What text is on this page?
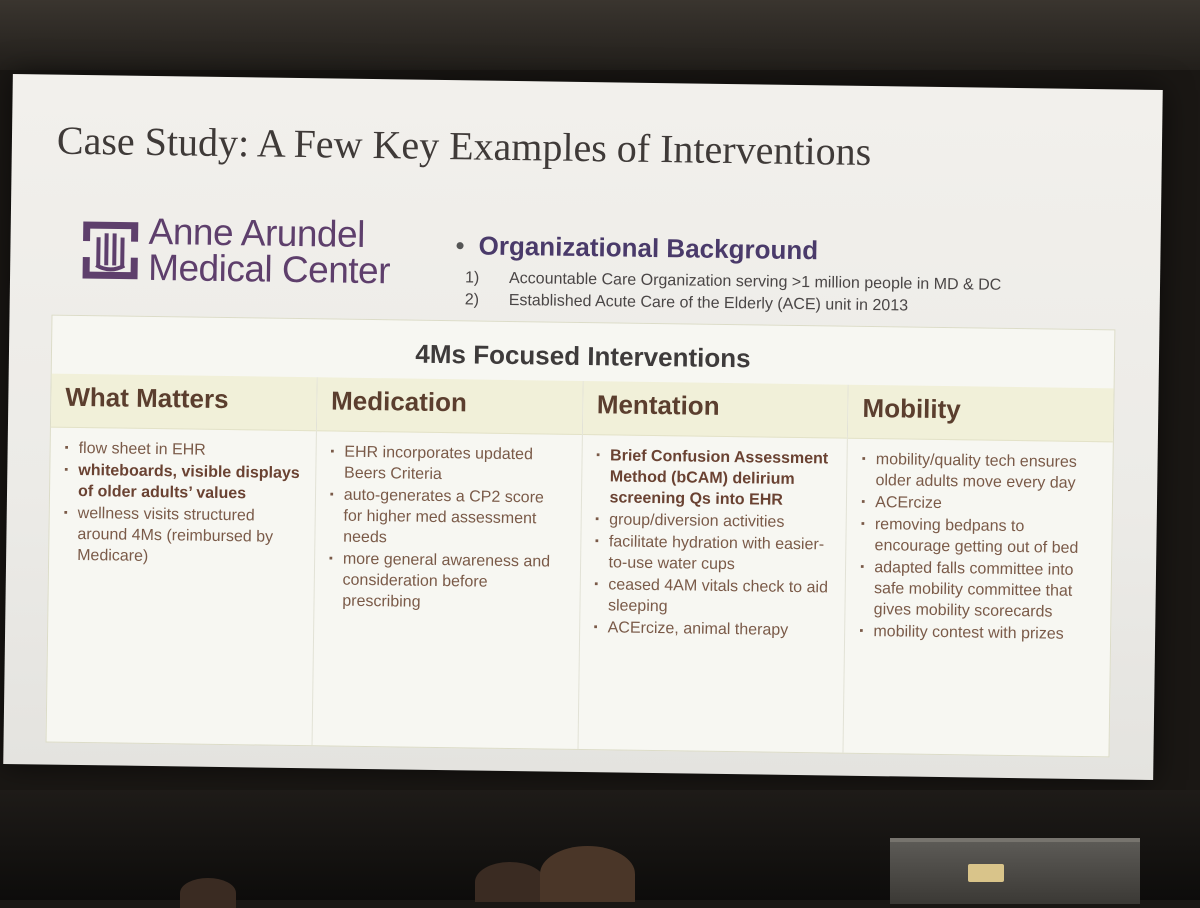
Case Study: A Few Key Examples of Interventions
Anne Arundel
Medical Center
• Organizational Background
1) Accountable Care Organization serving >1 million people in MD & DC
2) Established Acute Care of the Elderly (ACE) unit in 2013
4Ms Focused Interventions
What Matters
▪ flow sheet in EHR
▪ whiteboards, visible displays of older adults’ values
▪ wellness visits structured around 4Ms (reimbursed by Medicare)
Medication
▪ EHR incorporates updated Beers Criteria
▪ auto-generates a CP2 score for higher med assessment needs
▪ more general awareness and consideration before prescribing
Mentation
▪ Brief Confusion Assessment Method (bCAM) delirium screening Qs into EHR
▪ group/diversion activities
▪ facilitate hydration with easier-to-use water cups
▪ ceased 4AM vitals check to aid sleeping
▪ ACErcize, animal therapy
Mobility
▪ mobility/quality tech ensures older adults move every day
▪ ACErcize
▪ removing bedpans to encourage getting out of bed
▪ adapted falls committee into safe mobility committee that gives mobility scorecards
▪ mobility contest with prizes
